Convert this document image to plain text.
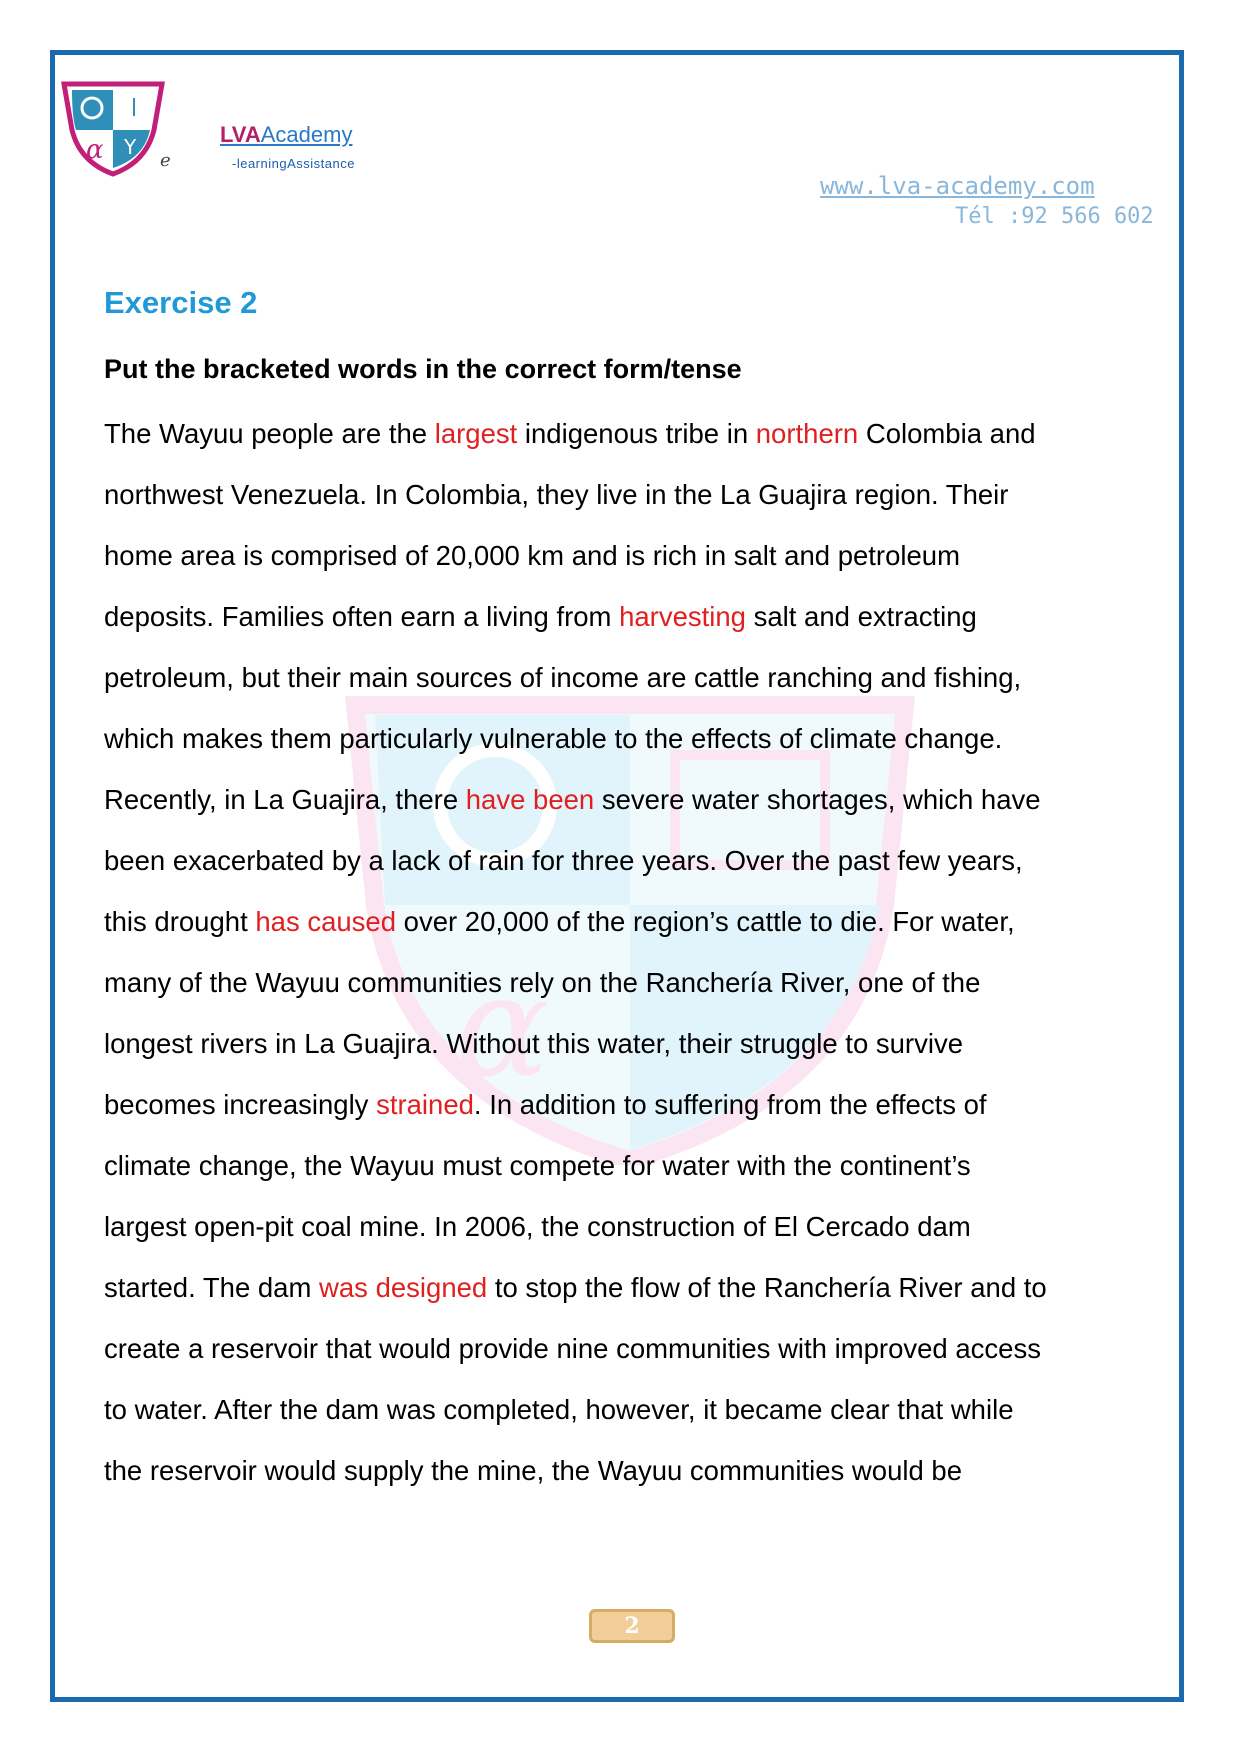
α Y
e
LVAAcademy
-learningAssistance
www.lva-academy.com
Tél :92 566 602
α
Exercise 2
Put the bracketed words in the correct form/tense
The Wayuu people are the largest indigenous tribe in northern Colombia and
northwest Venezuela. In Colombia, they live in the La Guajira region. Their
home area is comprised of 20,000 km and is rich in salt and petroleum
deposits. Families often earn a living from harvesting salt and extracting
petroleum, but their main sources of income are cattle ranching and fishing,
which makes them particularly vulnerable to the effects of climate change.
Recently, in La Guajira, there have been severe water shortages, which have
been exacerbated by a lack of rain for three years. Over the past few years,
this drought has caused over 20,000 of the region’s cattle to die. For water,
many of the Wayuu communities rely on the Ranchería River, one of the
longest rivers in La Guajira. Without this water, their struggle to survive
becomes increasingly strained. In addition to suffering from the effects of
climate change, the Wayuu must compete for water with the continent’s
largest open-pit coal mine. In 2006, the construction of El Cercado dam
started. The dam was designed to stop the flow of the Ranchería River and to
create a reservoir that would provide nine communities with improved access
to water. After the dam was completed, however, it became clear that while
the reservoir would supply the mine, the Wayuu communities would be
2
